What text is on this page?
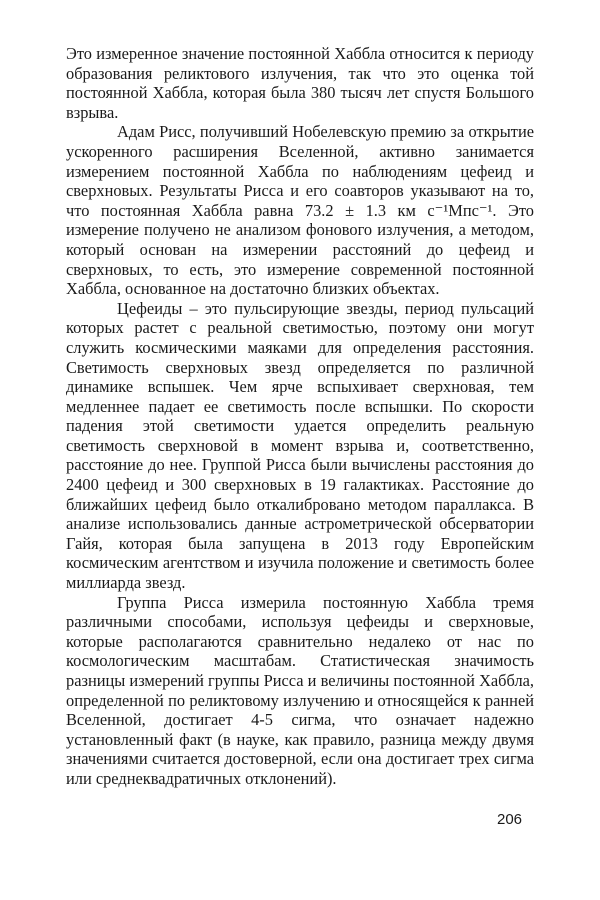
Это измеренное значение постоянной Хаббла относится к периоду образования реликтового излучения, так что это оценка той постоянной Хаббла, которая была 380 тысяч лет спустя Большого взрыва.

Адам Рисс, получивший Нобелевскую премию за открытие ускоренного расширения Вселенной, активно занимается измерением постоянной Хаббла по наблюдениям цефеид и сверхновых. Результаты Рисса и его соавторов указывают на то, что постоянная Хаббла равна 73.2 ± 1.3 км c⁻¹Мпс⁻¹. Это измерение получено не анализом фонового излучения, а методом, который основан на измерении расстояний до цефеид и сверхновых, то есть, это измерение современной постоянной Хаббла, основанное на достаточно близких объектах.

Цефеиды – это пульсирующие звезды, период пульсаций которых растет с реальной светимостью, поэтому они могут служить космическими маяками для определения расстояния. Светимость сверхновых звезд определяется по различной динамике вспышек. Чем ярче вспыхивает сверхновая, тем медленнее падает ее светимость после вспышки. По скорости падения этой светимости удается определить реальную светимость сверхновой в момент взрыва и, соответственно, расстояние до нее. Группой Рисса были вычислены расстояния до 2400 цефеид и 300 сверхновых в 19 галактиках. Расстояние до ближайших цефеид было откалибровано методом параллакса. В анализе использовались данные астрометрической обсерватории Гайя, которая была запущена в 2013 году Европейским космическим агентством и изучила положение и светимость более миллиарда звезд.

Группа Рисса измерила постоянную Хаббла тремя различными способами, используя цефеиды и сверхновые, которые располагаются сравнительно недалеко от нас по космологическим масштабам. Статистическая значимость разницы измерений группы Рисса и величины постоянной Хаббла, определенной по реликтовому излучению и относящейся к ранней Вселенной, достигает 4-5 сигма, что означает надежно установленный факт (в науке, как правило, разница между двумя значениями считается достоверной, если она достигает трех сигма или среднеквадратичных отклонений).

206
